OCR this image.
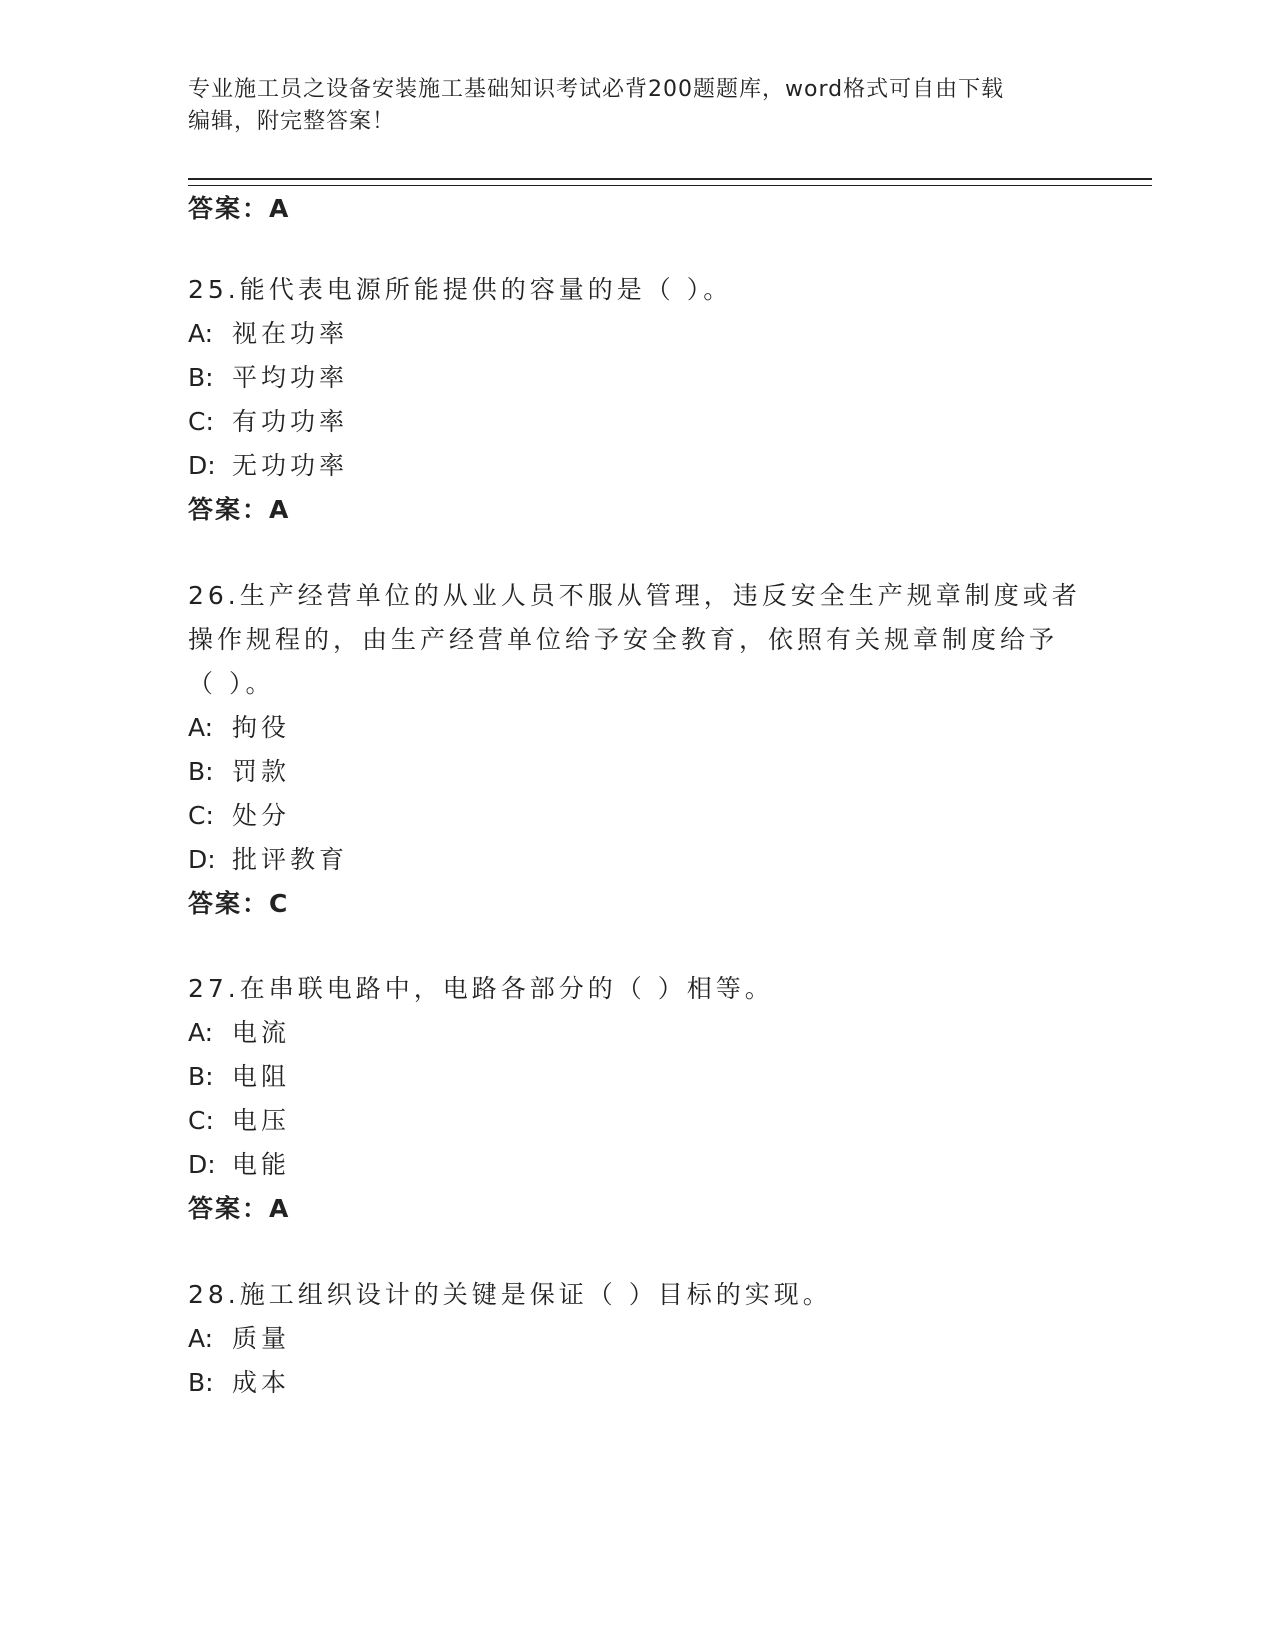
专业施工员之设备安装施工基础知识考试必背200题题库，word格式可自由下载
编辑，附完整答案！
答案：A
25.能代表电源所能提供的容量的是（ ）。
A: 视在功率
B: 平均功率
C: 有功功率
D: 无功功率
答案：A
26.生产经营单位的从业人员不服从管理，违反安全生产规章制度或者
操作规程的，由生产经营单位给予安全教育，依照有关规章制度给予
（ ）。
A: 拘役
B: 罚款
C: 处分
D: 批评教育
答案：C
27.在串联电路中，电路各部分的（ ）相等。
A: 电流
B: 电阻
C: 电压
D: 电能
答案：A
28.施工组织设计的关键是保证（ ）目标的实现。
A: 质量
B: 成本
